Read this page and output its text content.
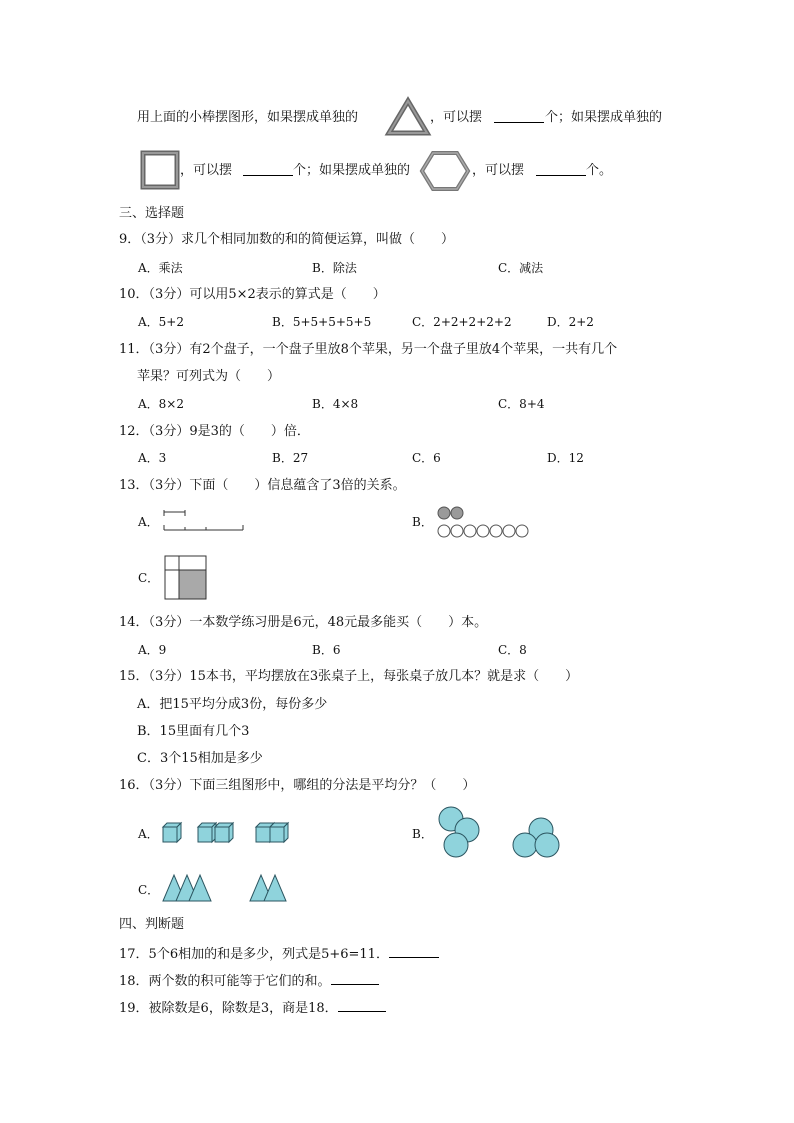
用上面的小棒摆图形，如果摆成单独的	，可以摆	个；如果摆成单独的
，可以摆	个；如果摆成单独的	，可以摆	个。
三、选择题
9．（3分）求几个相同加数的和的简便运算，叫做（　　）
A．乘法	B．除法	C．减法
10．（3分）可以用5×2表示的算式是（　　）
A．5+2	B．5+5+5+5+5	C．2+2+2+2+2	D．2+2
11．（3分）有2个盘子，一个盘子里放8个苹果，另一个盘子里放4个苹果，一共有几个
苹果？可列式为（　　）
A．8×2	B．4×8	C．8+4
12．（3分）9是3的（　　）倍．
A．3	B．27	C．6	D．12
13．（3分）下面（　　）信息蕴含了3倍的关系。
A．	B．
C．
14．（3分）一本数学练习册是6元，48元最多能买（　　）本。
A．9	B．6	C．8
15．（3分）15本书，平均摆放在3张桌子上，每张桌子放几本？就是求（　　）
A．把15平均分成3份，每份多少
B．15里面有几个3
C．3个15相加是多少
16．（3分）下面三组图形中，哪组的分法是平均分？（　　）
A．	B．
C．
四、判断题
17．5个6相加的和是多少，列式是5+6=11．
18．两个数的积可能等于它们的和。
19．被除数是6，除数是3，商是18．
